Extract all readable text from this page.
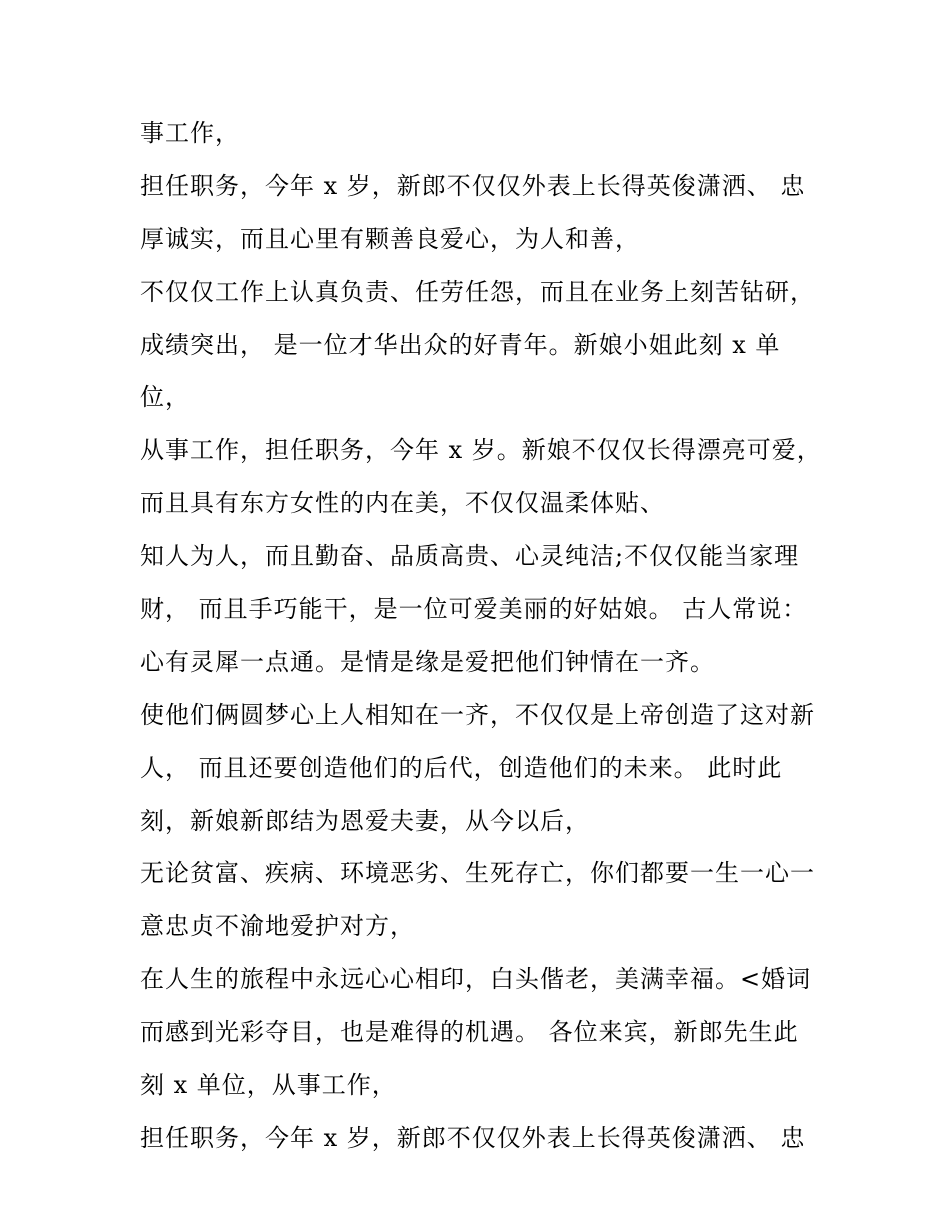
事工作，
担任职务，今年 x 岁，新郎不仅仅外表上长得英俊潇洒、 忠
厚诚实，而且心里有颗善良爱心，为人和善，
不仅仅工作上认真负责、任劳任怨，而且在业务上刻苦钻研，
成绩突出， 是一位才华出众的好青年。新娘小姐此刻 x 单
位，
从事工作，担任职务，今年 x 岁。新娘不仅仅长得漂亮可爱，
而且具有东方女性的内在美，不仅仅温柔体贴、
知人为人，而且勤奋、品质高贵、心灵纯洁;不仅仅能当家理
财， 而且手巧能干，是一位可爱美丽的好姑娘。 古人常说：
心有灵犀一点通。是情是缘是爱把他们钟情在一齐。
使他们俩圆梦心上人相知在一齐，不仅仅是上帝创造了这对新
人， 而且还要创造他们的后代，创造他们的未来。 此时此
刻，新娘新郎结为恩爱夫妻，从今以后，
无论贫富、疾病、环境恶劣、生死存亡，你们都要一生一心一
意忠贞不渝地爱护对方，
在人生的旅程中永远心心相印，白头偕老，美满幸福。<婚词
而感到光彩夺目，也是难得的机遇。 各位来宾，新郎先生此
刻 x 单位，从事工作，
担任职务，今年 x 岁，新郎不仅仅外表上长得英俊潇洒、 忠
